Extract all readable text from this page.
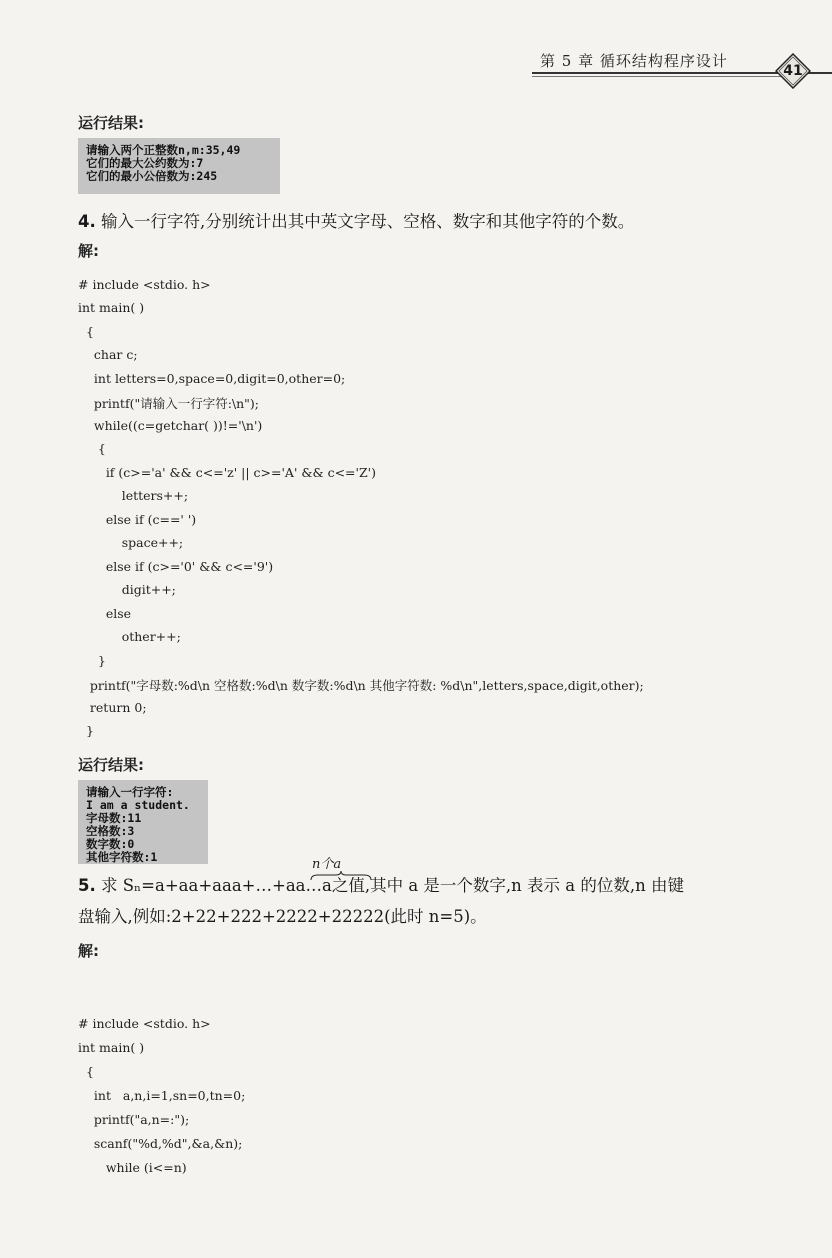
第 5 章 循环结构程序设计
41
运行结果:
请输入两个正整数n,m:35,49
它们的最大公约数为:7
它们的最小公倍数为:245
4. 输入一行字符,分别统计出其中英文字母、空格、数字和其他字符的个数。
解:
# include <stdio. h>
int main( )
{
char c;
int letters=0,space=0,digit=0,other=0;
printf("请输入一行字符:\n");
while((c=getchar( ))!='\n')
{
if (c>='a' && c<='z' || c>='A' && c<='Z')
letters++;
else if (c==' ')
space++;
else if (c>='0' && c<='9')
digit++;
else
other++;
}
printf("字母数:%d\n 空格数:%d\n 数字数:%d\n 其他字符数: %d\n",letters,space,digit,other);
return 0;
}
运行结果:
请输入一行字符:
I am a student.
字母数:11
空格数:3
数字数:0
其他字符数:1	n个a
5. 求 Sₙ=a+aa+aaa+…+aa…a之值,其中 a 是一个数字,n 表示 a 的位数,n 由键
盘输入,例如:2+22+222+2222+22222(此时 n=5)。
解:
# include <stdio. h>
int main( )
{
int   a,n,i=1,sn=0,tn=0;
printf("a,n=:");
scanf("%d,%d",&a,&n);
while (i<=n)
